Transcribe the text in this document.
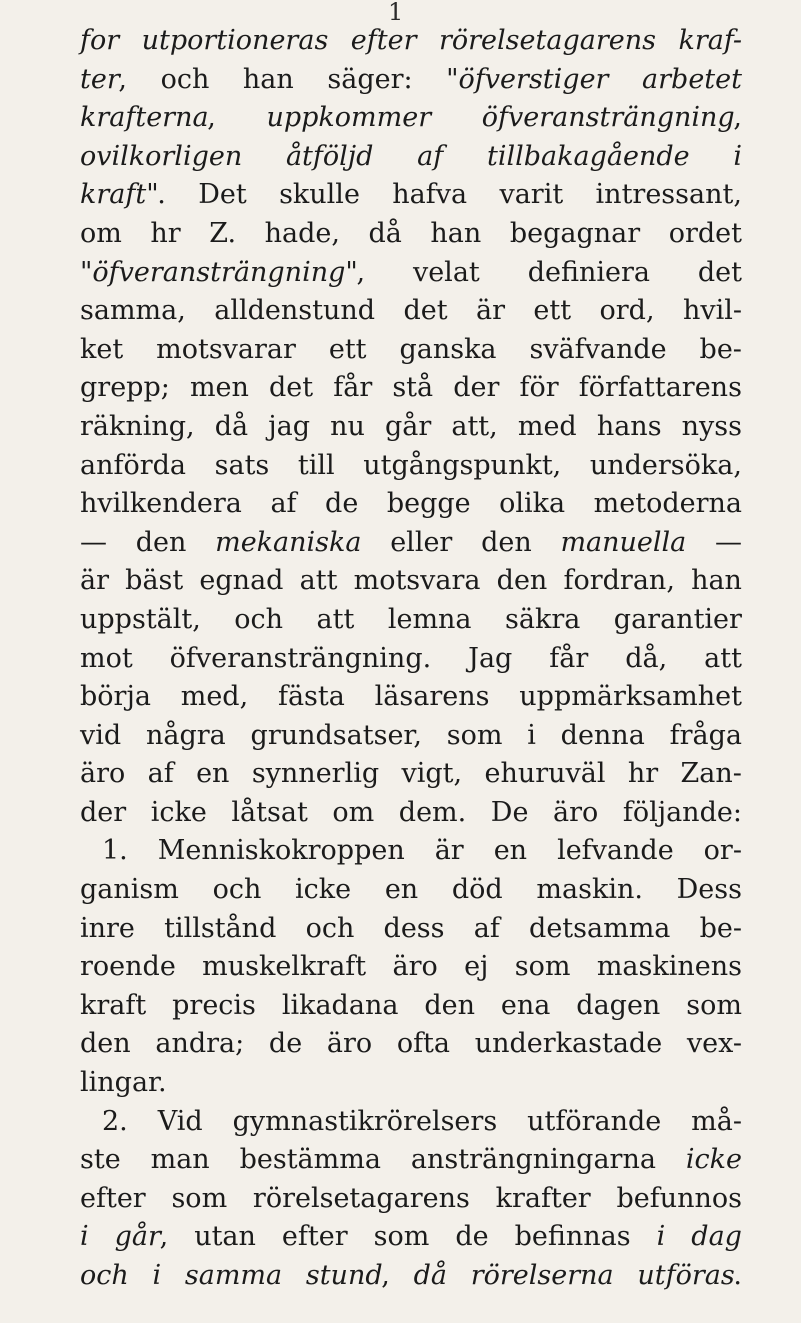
1
for utportioneras efter rörelsetagarens kraf-
ter, och han säger: "öfverstiger arbetet
krafterna, uppkommer öfveransträngning,
ovilkorligen åtföljd af tillbakagående i
kraft". Det skulle hafva varit intressant,
om hr Z. hade, då han begagnar ordet
"öfveransträngning", velat definiera det
samma, alldenstund det är ett ord, hvil-
ket motsvarar ett ganska sväfvande be-
grepp; men det får stå der för författarens
räkning, då jag nu går att, med hans nyss
anförda sats till utgångspunkt, undersöka,
hvilkendera af de begge olika metoderna
— den mekaniska eller den manuella —
är bäst egnad att motsvara den fordran, han
uppstält, och att lemna säkra garantier
mot öfveransträngning. Jag får då, att
börja med, fästa läsarens uppmärksamhet
vid några grundsatser, som i denna fråga
äro af en synnerlig vigt, ehuruväl hr Zan-
der icke låtsat om dem. De äro följande:
1. Menniskokroppen är en lefvande or-
ganism och icke en död maskin. Dess
inre tillstånd och dess af detsamma be-
roende muskelkraft äro ej som maskinens
kraft precis likadana den ena dagen som
den andra; de äro ofta underkastade vex-
lingar.
2. Vid gymnastikrörelsers utförande må-
ste man bestämma ansträngningarna icke
efter som rörelsetagarens krafter befunnos
i går, utan efter som de befinnas i dag
och i samma stund, då rörelserna utföras.
